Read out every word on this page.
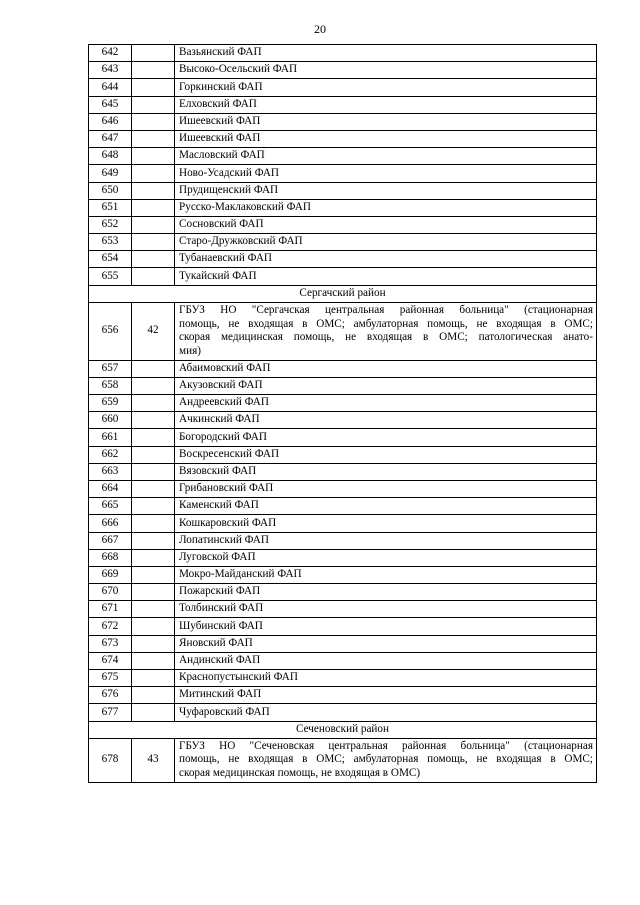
20
642		Вазьянский ФАП
643		Высоко-Осельский ФАП
644		Горкинский ФАП
645		Елховский ФАП
646		Ишеевский ФАП
647		Ишеевский ФАП
648		Масловский ФАП
649		Ново-Усадский ФАП
650		Прудищенский ФАП
651		Русско-Маклаковский ФАП
652		Сосновский ФАП
653		Старо-Дружковский ФАП
654		Тубанаевский ФАП
655		Тукайский ФАП
Сергачский район		
656	42	ГБУЗ НО "Сергачская центральная районная больница" (стационарная
помощь, не входящая в ОМС; амбулаторная помощь, не входящая в ОМС;
скорая медицинская помощь, не входящая в ОМС; патологическая анато-
мия)

657		Абаимовский ФАП
658		Акузовский ФАП
659		Андреевский ФАП
660		Ачкинский ФАП
661		Богородский ФАП
662		Воскресенский ФАП
663		Вязовский ФАП
664		Грибановский ФАП
665		Каменский ФАП
666		Кошкаровский ФАП
667		Лопатинский ФАП
668		Луговской ФАП
669		Мокро-Майданский ФАП
670		Пожарский ФАП
671		Толбинский ФАП
672		Шубинский ФАП
673		Яновский ФАП
674		Андинский ФАП
675		Краснопустынский ФАП
676		Митинский ФАП
677		Чуфаровский ФАП
Сеченовский район		
678	43	ГБУЗ НО "Сеченовская центральная районная больница" (стационарная
помощь, не входящая в ОМС; амбулаторная помощь, не входящая в ОМС;
скорая медицинская помощь, не входящая в ОМС)
